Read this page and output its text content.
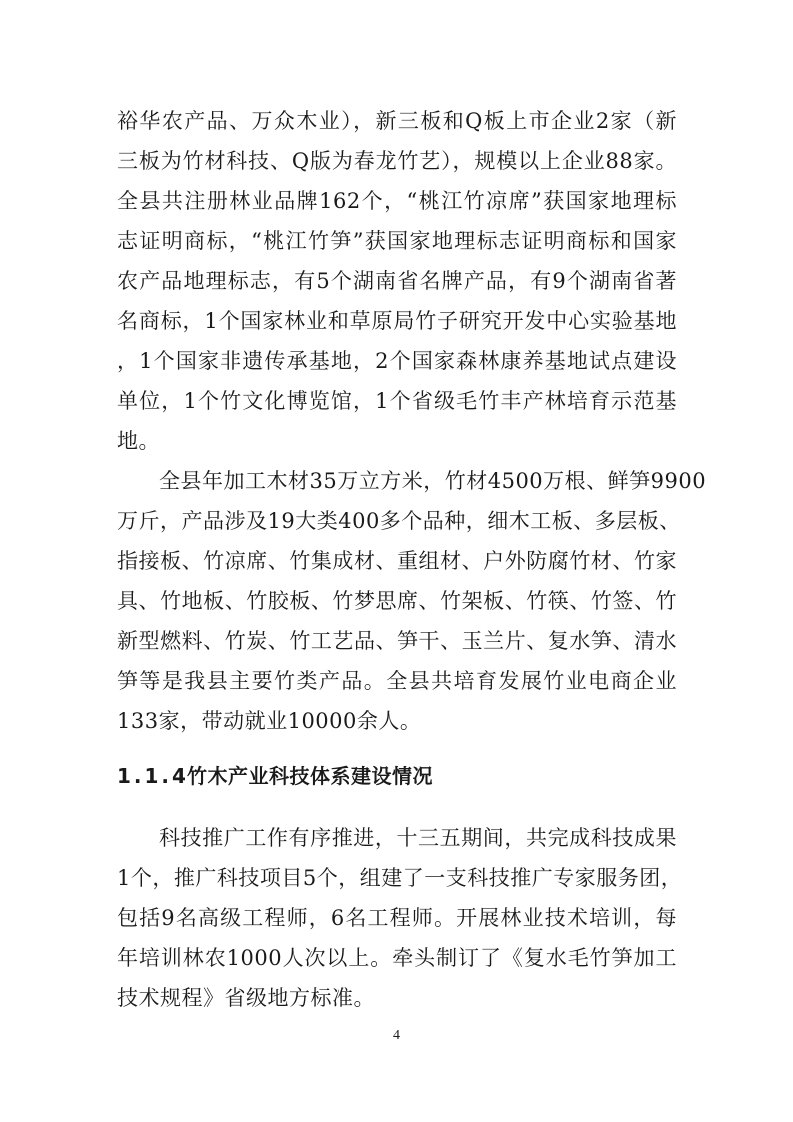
裕华农产品、万众木业），新三板和Q板上市企业2家（新
三板为竹材科技、Q版为春龙竹艺），规模以上企业88家。
全县共注册林业品牌162个，“桃江竹凉席”获国家地理标
志证明商标，“桃江竹笋”获国家地理标志证明商标和国家
农产品地理标志，有5个湖南省名牌产品，有9个湖南省著
名商标，1个国家林业和草原局竹子研究开发中心实验基地
，1个国家非遗传承基地，2个国家森林康养基地试点建设
单位，1个竹文化博览馆，1个省级毛竹丰产林培育示范基
地。
全县年加工木材35万立方米，竹材4500万根、鲜笋9900
万斤，产品涉及19大类400多个品种，细木工板、多层板、
指接板、竹凉席、竹集成材、重组材、户外防腐竹材、竹家
具、竹地板、竹胶板、竹梦思席、竹架板、竹筷、竹签、竹
新型燃料、竹炭、竹工艺品、笋干、玉兰片、复水笋、清水
笋等是我县主要竹类产品。全县共培育发展竹业电商企业
133家，带动就业10000余人。
1.1.4竹木产业科技体系建设情况
科技推广工作有序推进，十三五期间，共完成科技成果
1个，推广科技项目5个，组建了一支科技推广专家服务团，
包括9名高级工程师，6名工程师。开展林业技术培训，每
年培训林农1000人次以上。牵头制订了《复水毛竹笋加工
技术规程》省级地方标准。
4
